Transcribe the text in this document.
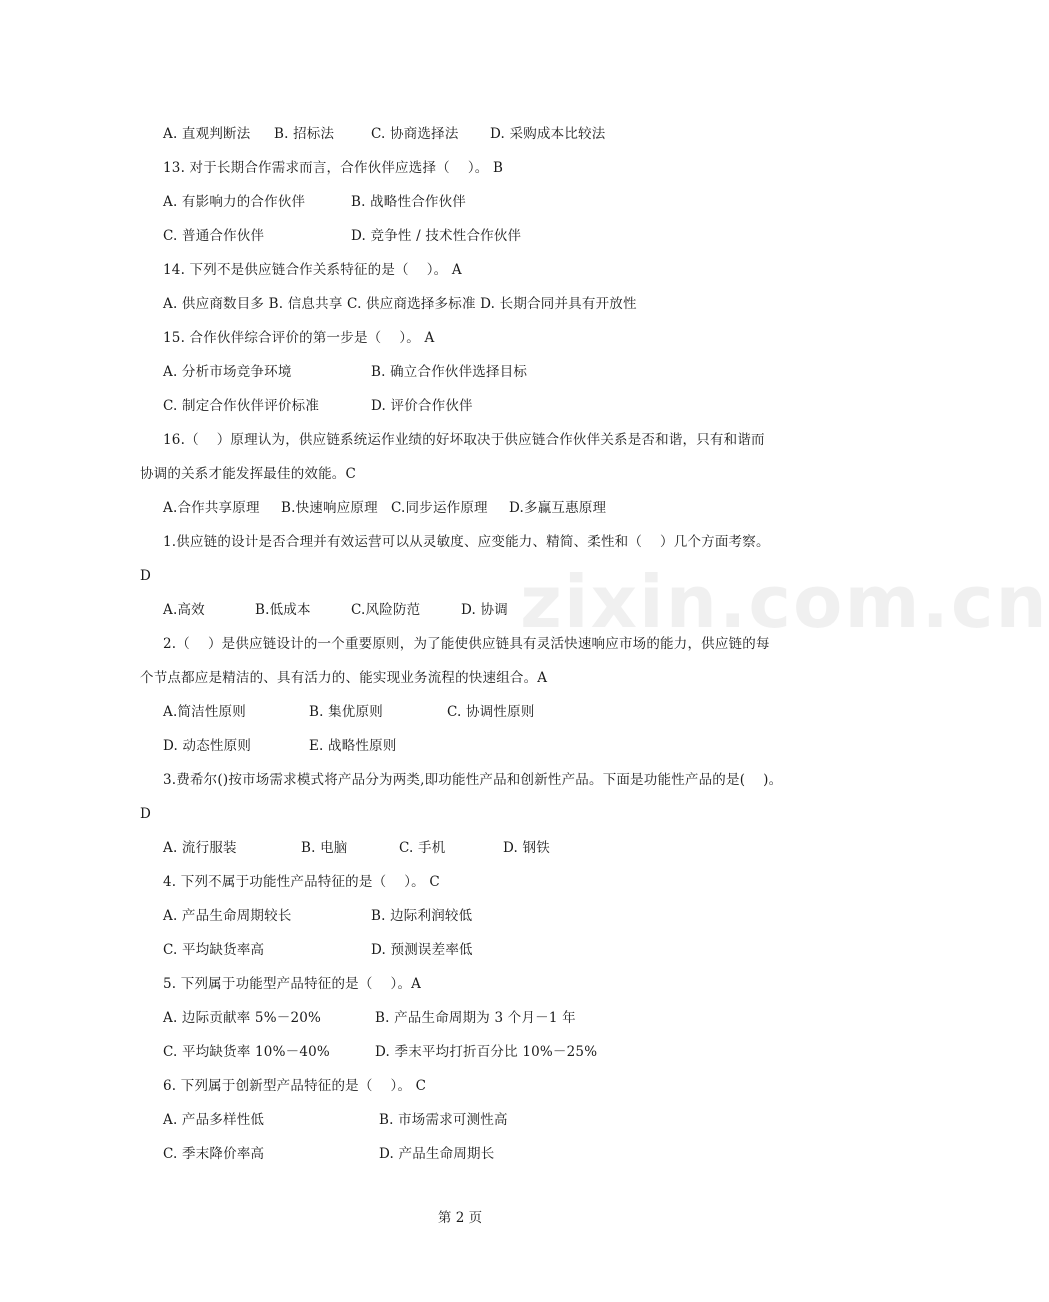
zixin.com.cn

A. 直观判断法

B. 招标法

	C. 协商选择法

D. 采购成本比较法

13. 对于长期合作需求而言，合作伙伴应选择（    ）。 B

A. 有影响力的合作伙伴

	B. 战略性合作伙伴

C. 普通合作伙伴

	D. 竞争性 / 技术性合作伙伴

14. 下列不是供应链合作关系特征的是（    ）。 A
A. 供应商数目多 B. 信息共享 C. 供应商选择多标准 D. 长期合同并具有开放性
15. 合作伙伴综合评价的第一步是（    ）。 A

A. 分析市场竞争环境

	B. 确立合作伙伴选择目标

C. 制定合作伙伴评价标准

	D. 评价合作伙伴

16.（    ）原理认为，供应链系统运作业绩的好坏取决于供应链合作伙伴关系是否和谐，只有和谐而
协调的关系才能发挥最佳的效能。C

A.合作共享原理

B.快速响应原理

C.同步运作原理

D.多赢互惠原理

1.供应链的设计是否合理并有效运营可以从灵敏度、应变能力、精简、柔性和（    ）几个方面考察。
D

A.高效

	B.低成本

	C.风险防范

	D. 协调

2.（    ）是供应链设计的一个重要原则，为了能使供应链具有灵活快速响应市场的能力，供应链的每
个节点都应是精洁的、具有活力的、能实现业务流程的快速组合。A

A.简洁性原则

	B. 集优原则

	C. 协调性原则

D. 动态性原则

	E. 战略性原则

3.费希尔()按市场需求模式将产品分为两类,即功能性产品和创新性产品。下面是功能性产品的是(    )。
D

A. 流行服装

	B. 电脑

	C. 手机

	D. 钢铁

4. 下列不属于功能性产品特征的是（    ）。 C

A. 产品生命周期较长

	B. 边际利润较低

C. 平均缺货率高

	D. 预测误差率低

5. 下列属于功能型产品特征的是（    ）。A

A. 边际贡献率 5%－20%

	B. 产品生命周期为 3 个月－1 年

C. 平均缺货率 10%－40%

	D. 季末平均打折百分比 10%－25%

6. 下列属于创新型产品特征的是（    ）。 C

A. 产品多样性低

	B. 市场需求可测性高

C. 季末降价率高

	D. 产品生命周期长

第 2 页
